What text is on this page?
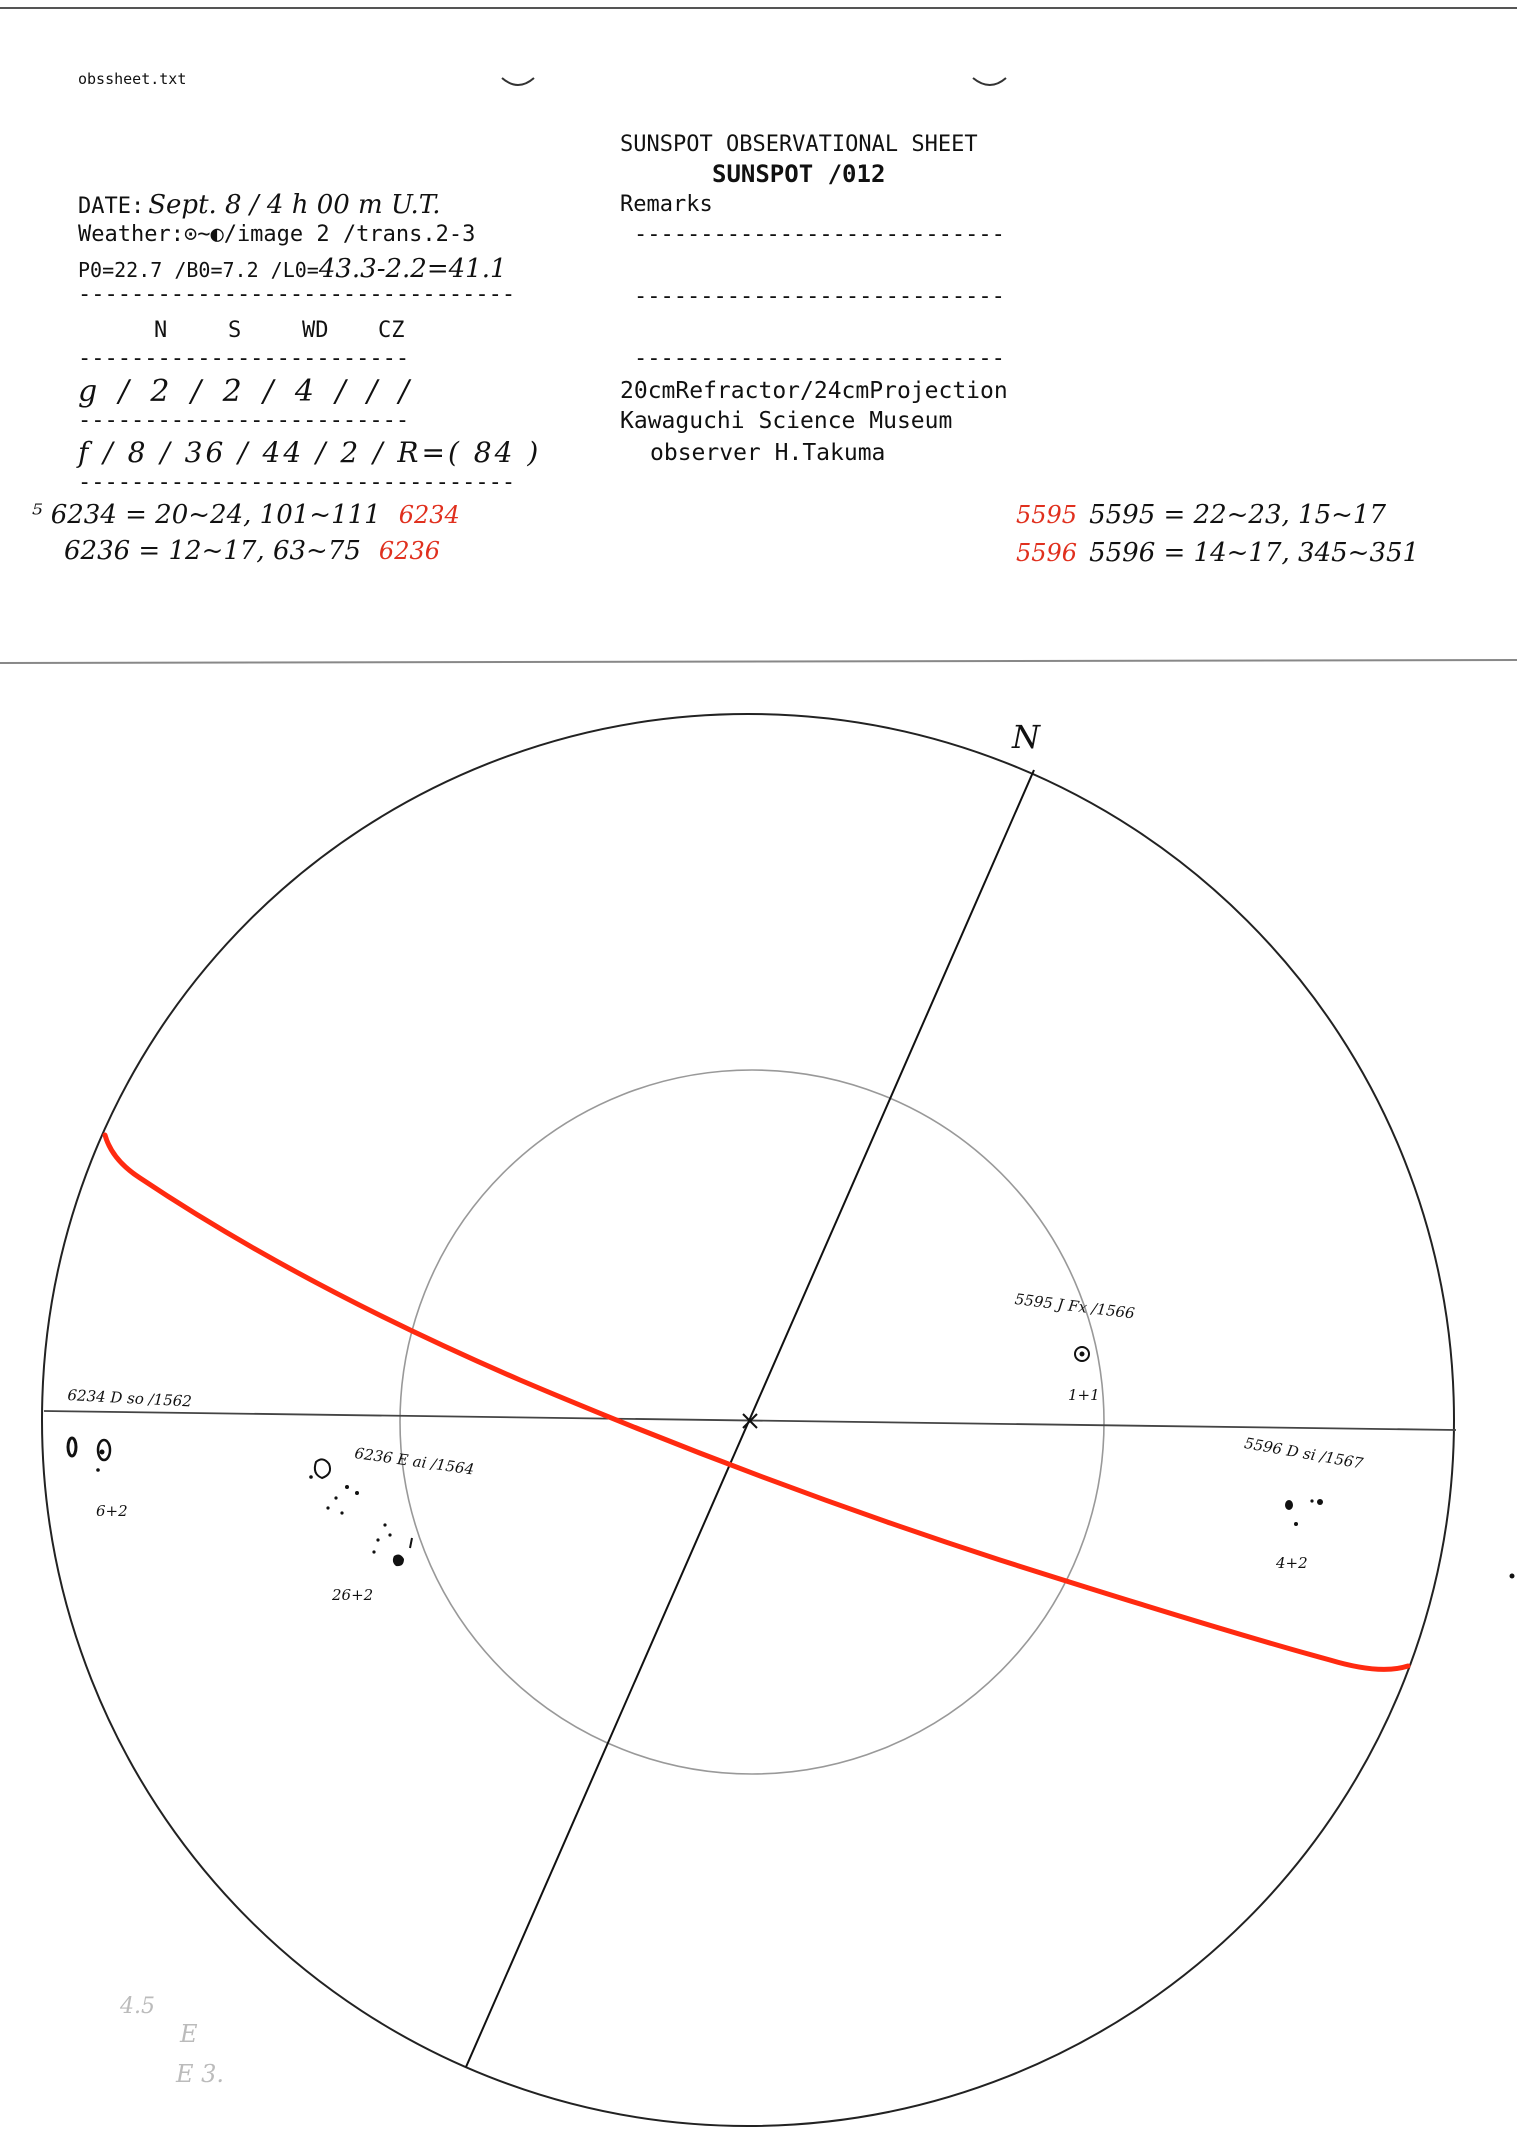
obssheet.txt
SUNSPOT OBSERVATIONAL SHEET
SUNSPOT /012
Remarks
DATE: Sept. 8 / 4 h 00 m U.T.
Weather:⊙~◐/image 2 /trans.2-3
P0=22.7 /B0=7.2 /L0=43.3-2.2=41.1
---------------------------------
----------------------------
----------------------------
----------------------------
N	S	WD CZ
-------------------------
g / 2 / 2 / 4 / / /
-------------------------
f / 8 / 36 / 44 / 2 / R=( 84 )
---------------------------------
20cmRefractor/24cmProjection
Kawaguchi Science Museum
observer H.Takuma
⁵ 6234 = 20~24, 101~111 6234
6236 = 12~17, 63~75 6236
5595 5595 = 22~23, 15~17
5596 5596 = 14~17, 345~351
N
5595 J Fx /1566
1+1
6234 D so /1562
6+2
6236 E ai /1564
26+2
5596 D si /1567
4+2
4.5
E
E 3.
